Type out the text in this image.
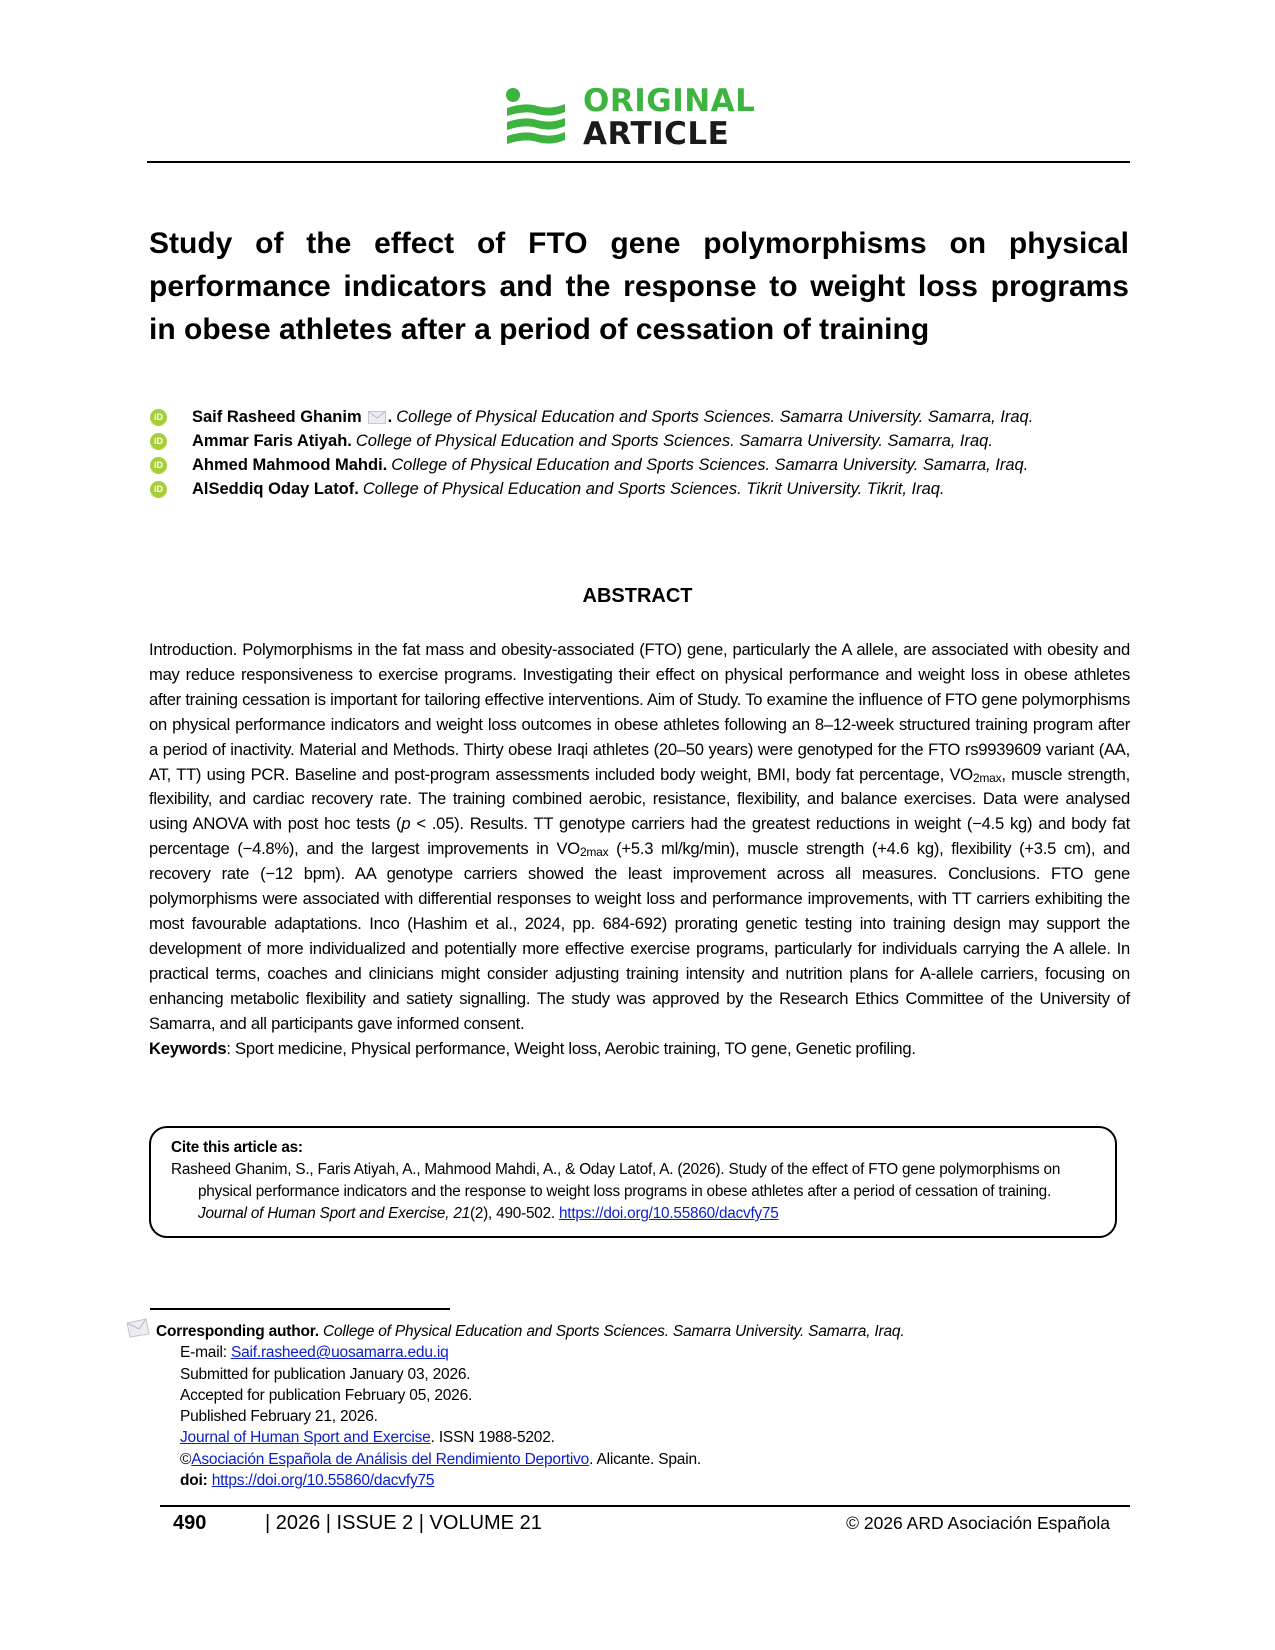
ORIGINAL
ARTICLE
Study of the effect of FTO gene polymorphisms on physical performance indicators and the response to weight loss programs in obese athletes after a period of cessation of training
iD Saif Rasheed Ghanim . College of Physical Education and Sports Sciences. Samarra University. Samarra, Iraq.
iD Ammar Faris Atiyah. College of Physical Education and Sports Sciences. Samarra University. Samarra, Iraq.
iD Ahmed Mahmood Mahdi. College of Physical Education and Sports Sciences. Samarra University. Samarra, Iraq.
iD AlSeddiq Oday Latof. College of Physical Education and Sports Sciences. Tikrit University. Tikrit, Iraq.
ABSTRACT
Introduction. Polymorphisms in the fat mass and obesity-associated (FTO) gene, particularly the A allele, are associated with obesity and may reduce responsiveness to exercise programs. Investigating their effect on physical performance and weight loss in obese athletes after training cessation is important for tailoring effective interventions. Aim of Study. To examine the influence of FTO gene polymorphisms on physical performance indicators and weight loss outcomes in obese athletes following an 8–12-week structured training program after a period of inactivity. Material and Methods. Thirty obese Iraqi athletes (20–50 years) were genotyped for the FTO rs9939609 variant (AA, AT, TT) using PCR. Baseline and post-program assessments included body weight, BMI, body fat percentage, $VO_{2max}$, muscle strength, flexibility, and cardiac recovery rate. The training combined aerobic, resistance, flexibility, and balance exercises. Data were analysed using ANOVA with post hoc tests (p < .05). Results. TT genotype carriers had the greatest reductions in weight (−4.5 kg) and body fat percentage (−4.8%), and the largest improvements in $VO_{2max}$ (+5.3 ml/kg/min), muscle strength (+4.6 kg), flexibility (+3.5 cm), and recovery rate (−12 bpm). AA genotype carriers showed the least improvement across all measures. Conclusions. FTO gene polymorphisms were associated with differential responses to weight loss and performance improvements, with TT carriers exhibiting the most favourable adaptations. Inco (Hashim et al., 2024, pp. 684-692) prorating genetic testing into training design may support the development of more individualized and potentially more effective exercise programs, particularly for individuals carrying the A allele. In practical terms, coaches and clinicians might consider adjusting training intensity and nutrition plans for A-allele carriers, focusing on enhancing metabolic flexibility and satiety signalling. The study was approved by the Research Ethics Committee of the University of Samarra, and all participants gave informed consent.
Keywords: Sport medicine, Physical performance, Weight loss, Aerobic training, TO gene, Genetic profiling.
Cite this article as:
Rasheed Ghanim, S., Faris Atiyah, A., Mahmood Mahdi, A., & Oday Latof, A. (2026). Study of the effect of FTO gene polymorphisms on physical performance indicators and the response to weight loss programs in obese athletes after a period of cessation of training. Journal of Human Sport and Exercise, 21(2), 490-502. https://doi.org/10.55860/dacvfy75
Corresponding author. College of Physical Education and Sports Sciences. Samarra University. Samarra, Iraq.
E-mail: Saif.rasheed@uosamarra.edu.iq
Submitted for publication January 03, 2026.
Accepted for publication February 05, 2026.
Published February 21, 2026.
Journal of Human Sport and Exercise. ISSN 1988-5202.
©Asociación Española de Análisis del Rendimiento Deportivo. Alicante. Spain.
doi: https://doi.org/10.55860/dacvfy75
490	| 2026 | ISSUE 2 | VOLUME 21	© 2026 ARD Asociación Española
